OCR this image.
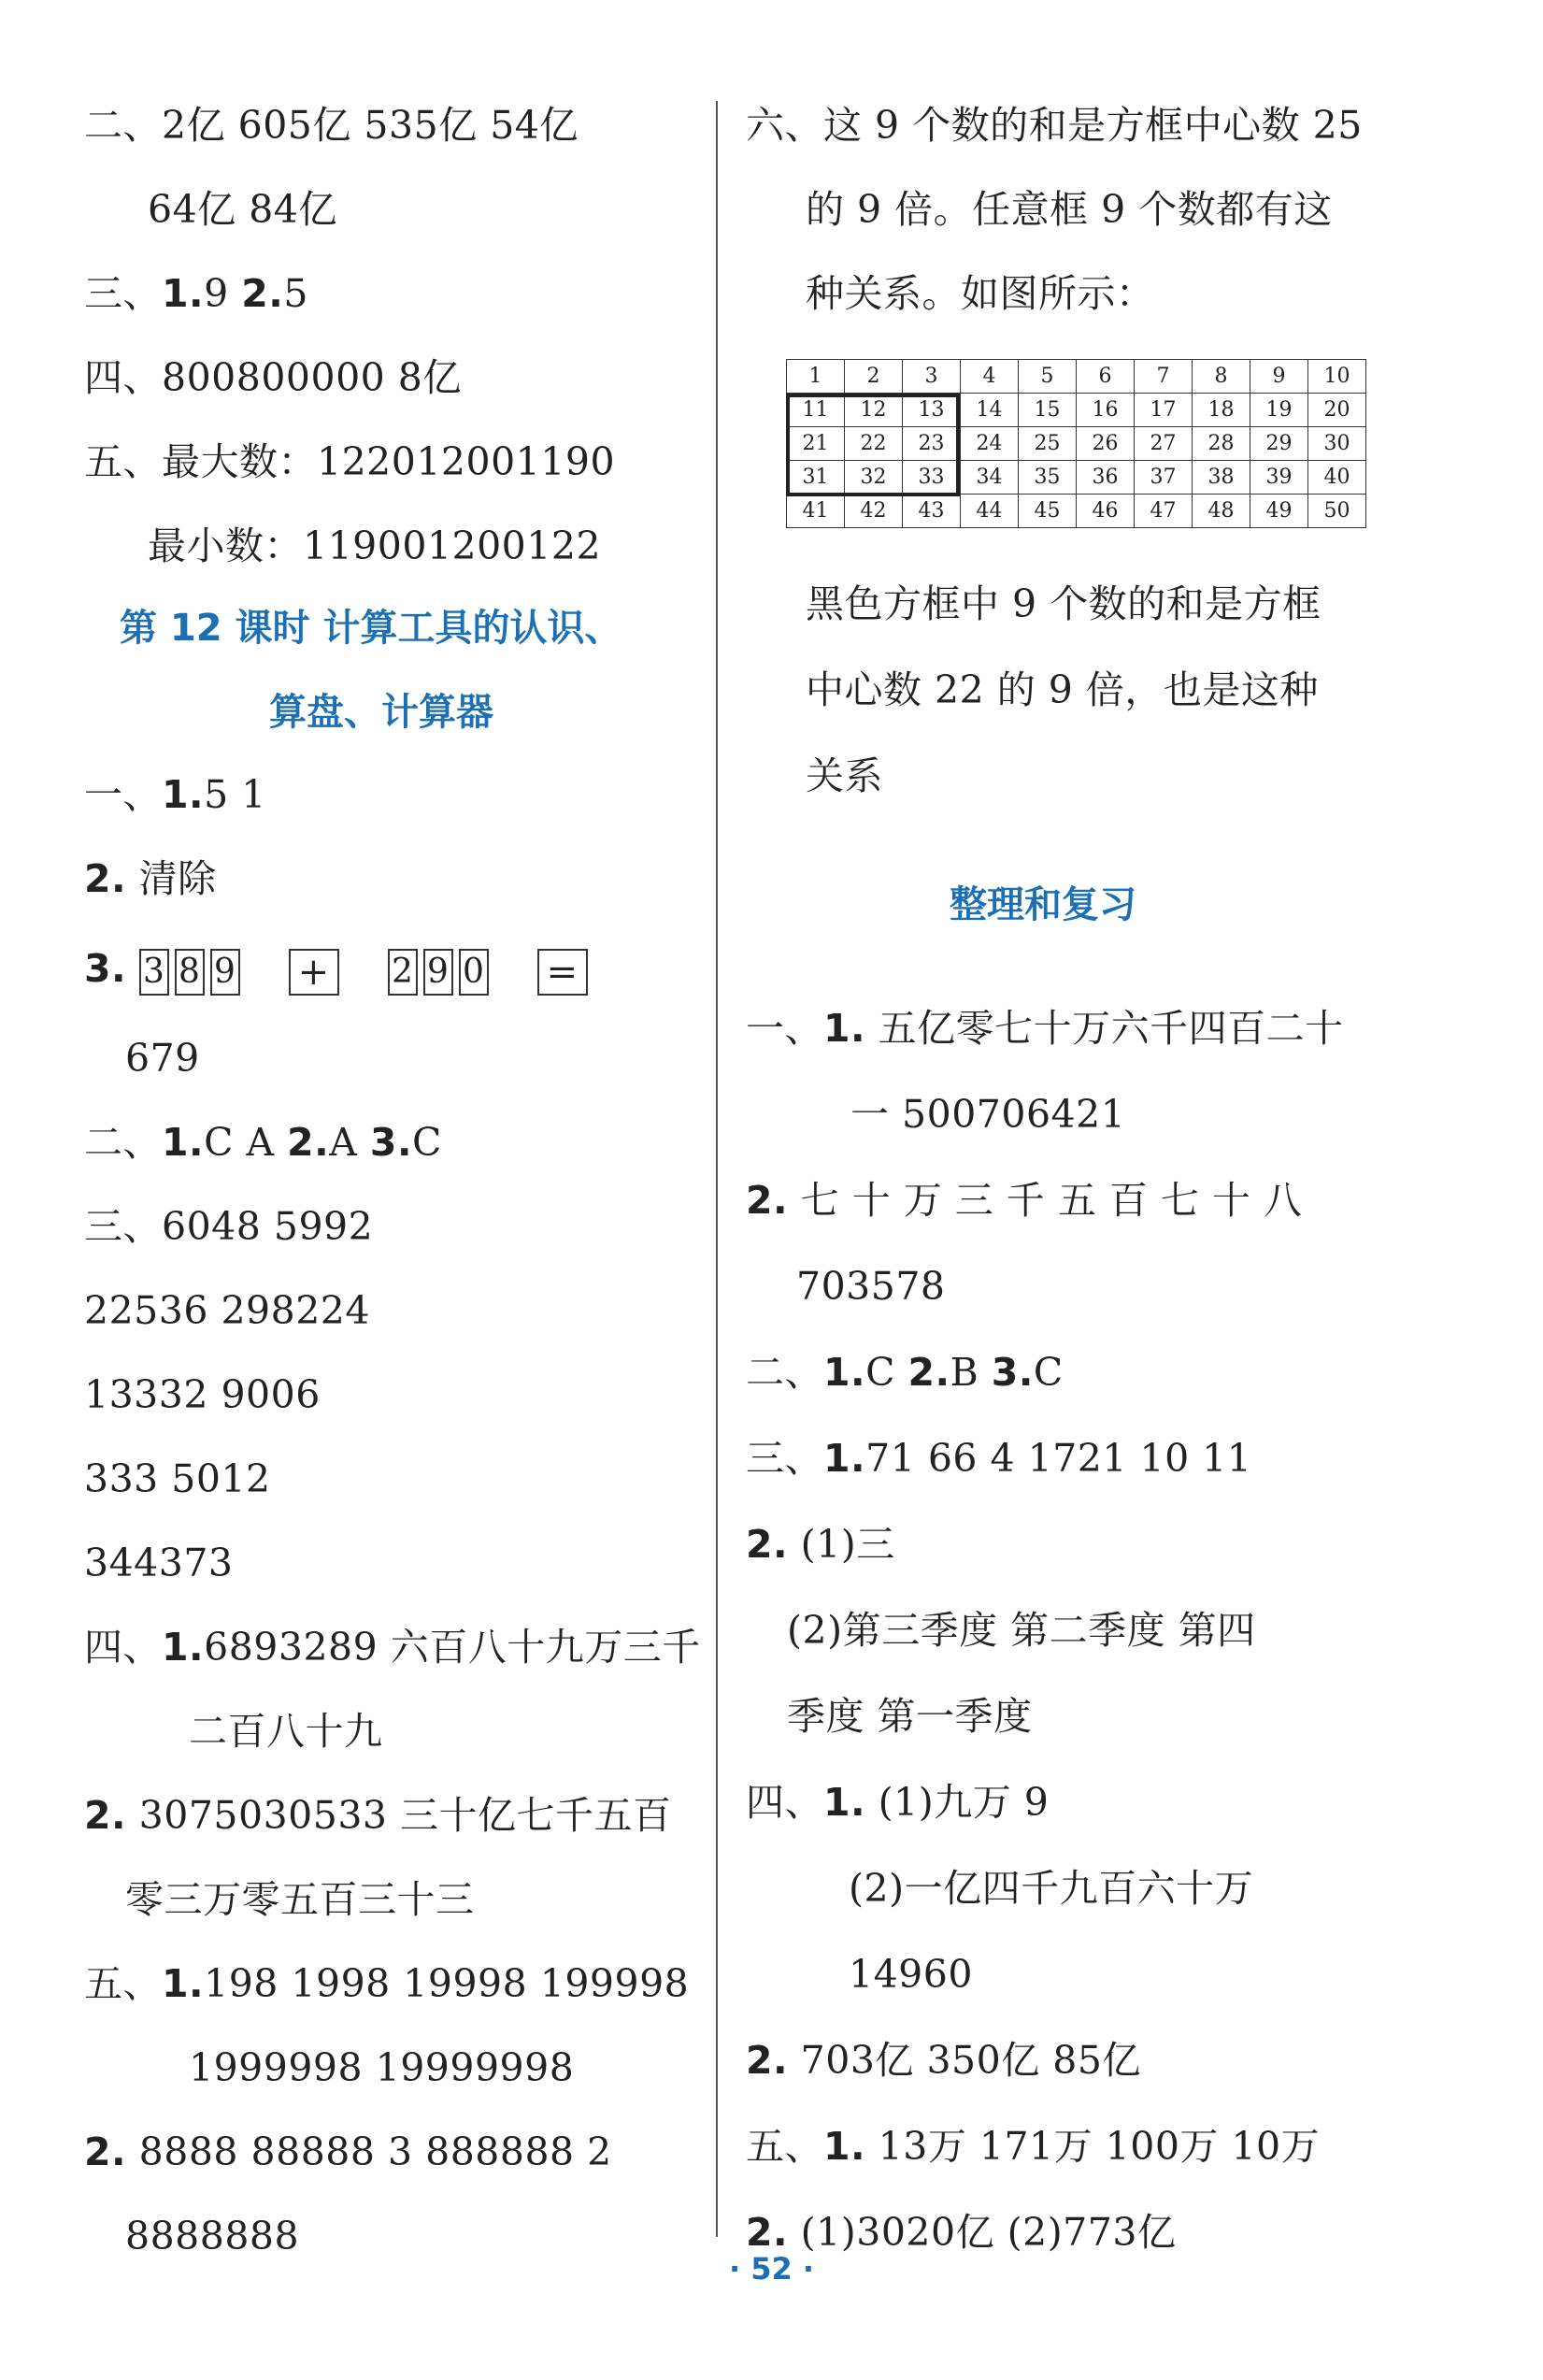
二、2亿 605亿 535亿 54亿
64亿 84亿
三、1.9 2.5
四、800800000 8亿
五、最大数：122012001190
最小数：119001200122
第 12 课时 计算工具的认识、
算盘、计算器
一、1.5 1
2. 清除
3. 3 8 9 + 2 9 0 =
679
二、1.C A 2.A 3.C
三、6048 5992
22536 298224
13332 9006
333 5012
344373
四、1.6893289 六百八十九万三千
二百八十九
2. 3075030533 三十亿七千五百
零三万零五百三十三
五、1.198 1998 19998 199998
1999998 19999998
2. 8888 88888 3 888888 2
8888888
六、这 9 个数的和是方框中心数 25
的 9 倍。任意框 9 个数都有这
种关系。如图所示：
1	2	3	4	5	6	7	8	9	10
11	12	13	14	15	16	17	18	19	20
21	22	23	24	25	26	27	28	29	30
31	32	33	34	35	36	37	38	39	40
41	42	43	44	45	46	47	48	49	50
黑色方框中 9 个数的和是方框
中心数 22 的 9 倍，也是这种
关系
整理和复习
一、1. 五亿零七十万六千四百二十
一 500706421
2. 七 十 万 三 千 五 百 七 十 八
703578
二、1.C 2.B 3.C
三、1.71 66 4 1721 10 11
2. (1)三
(2)第三季度 第二季度 第四
季度 第一季度
四、1. (1)九万 9
(2)一亿四千九百六十万
14960
2. 703亿 350亿 85亿
五、1. 13万 171万 100万 10万
2. (1)3020亿 (2)773亿
· 52 ·
